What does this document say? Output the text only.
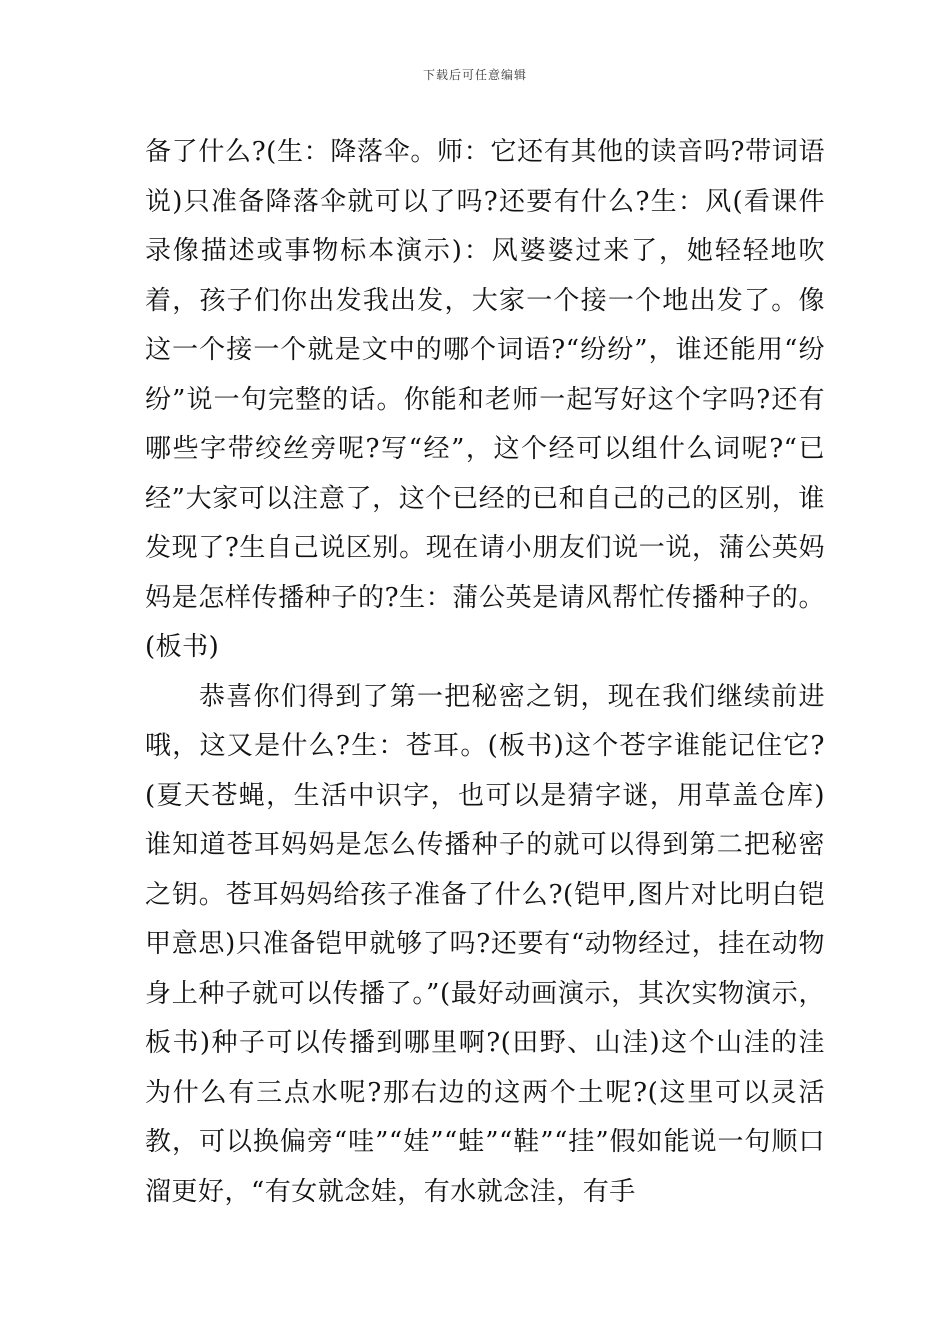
下载后可任意编辑

备了什么?(生：降落伞。师：它还有其他的读音吗?带词语说)只准备降落伞就可以了吗?还要有什么?生：风(看课件录像描述或事物标本演示)：风婆婆过来了，她轻轻地吹着，孩子们你出发我出发，大家一个接一个地出发了。像这一个接一个就是文中的哪个词语?“纷纷”，谁还能用“纷纷”说一句完整的话。你能和老师一起写好这个字吗?还有哪些字带绞丝旁呢?写“经”，这个经可以组什么词呢?“已经”大家可以注意了，这个已经的已和自己的己的区别，谁发现了?生自己说区别。现在请小朋友们说一说，蒲公英妈妈是怎样传播种子的?生：蒲公英是请风帮忙传播种子的。(板书)

恭喜你们得到了第一把秘密之钥，现在我们继续前进哦，这又是什么?生：苍耳。(板书)这个苍字谁能记住它?(夏天苍蝇，生活中识字，也可以是猜字谜，用草盖仓库)谁知道苍耳妈妈是怎么传播种子的就可以得到第二把秘密之钥。苍耳妈妈给孩子准备了什么?(铠甲,图片对比明白铠甲意思)只准备铠甲就够了吗?还要有“动物经过，挂在动物身上种子就可以传播了。”(最好动画演示，其次实物演示，板书)种子可以传播到哪里啊?(田野、山洼)这个山洼的洼为什么有三点水呢?那右边的这两个土呢?(这里可以灵活教，可以换偏旁“哇”“娃”“蛙”“鞋”“挂”假如能说一句顺口溜更好，“有女就念娃，有水就念洼，有手
